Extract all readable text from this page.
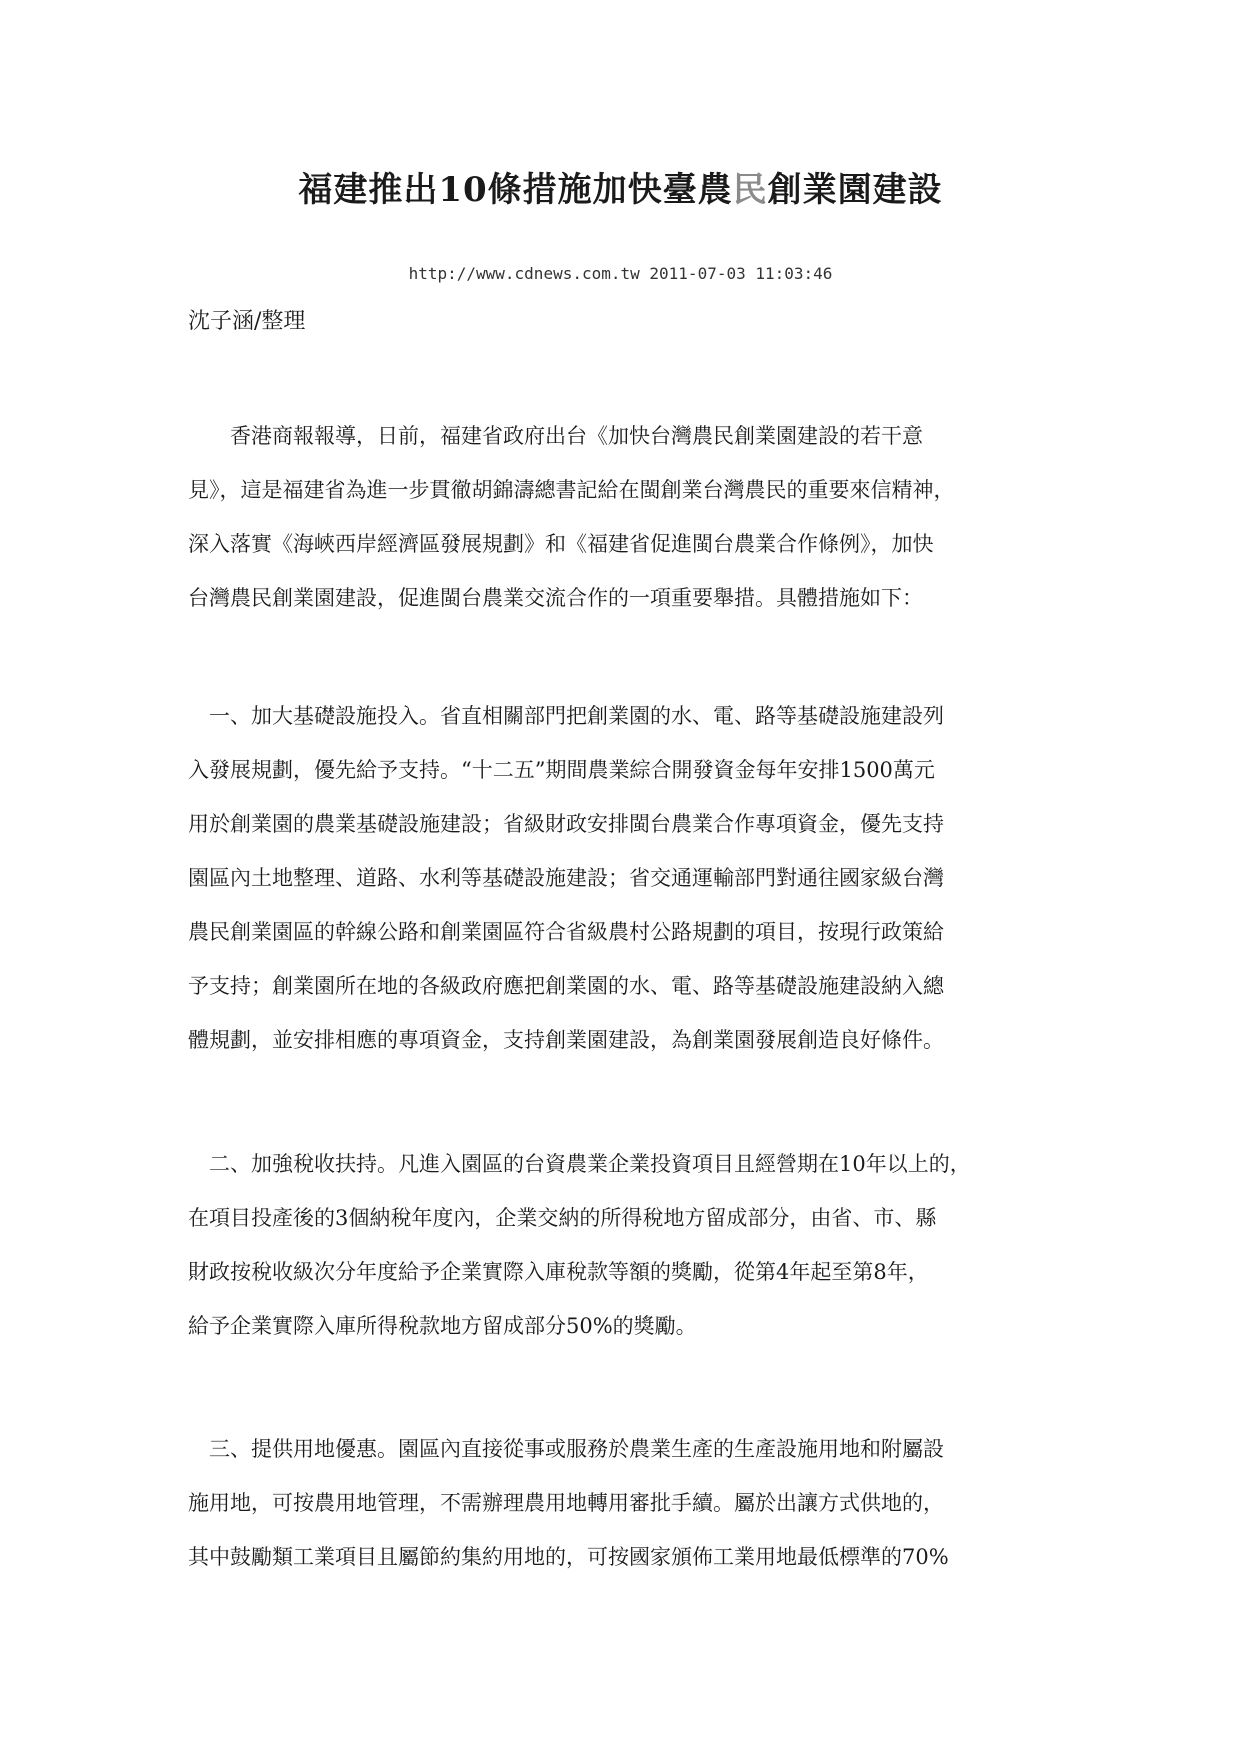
福建推出10條措施加快臺農民創業園建設
http://www.cdnews.com.tw 2011-07-03 11:03:46
沈子涵/整理
　　香港商報報導，日前，福建省政府出台《加快台灣農民創業園建設的若干意
見》，這是福建省為進一步貫徹胡錦濤總書記給在閩創業台灣農民的重要來信精神，
深入落實《海峽西岸經濟區發展規劃》和《福建省促進閩台農業合作條例》，加快
台灣農民創業園建設，促進閩台農業交流合作的一項重要舉措。具體措施如下：
　一、加大基礎設施投入。省直相關部門把創業園的水、電、路等基礎設施建設列
入發展規劃，優先給予支持。“十二五”期間農業綜合開發資金每年安排1500萬元
用於創業園的農業基礎設施建設；省級財政安排閩台農業合作專項資金，優先支持
園區內土地整理、道路、水利等基礎設施建設；省交通運輸部門對通往國家級台灣
農民創業園區的幹線公路和創業園區符合省級農村公路規劃的項目，按現行政策給
予支持；創業園所在地的各級政府應把創業園的水、電、路等基礎設施建設納入總
體規劃，並安排相應的專項資金，支持創業園建設，為創業園發展創造良好條件。
　二、加強稅收扶持。凡進入園區的台資農業企業投資項目且經營期在10年以上的，
在項目投產後的3個納稅年度內，企業交納的所得稅地方留成部分，由省、市、縣
財政按稅收級次分年度給予企業實際入庫稅款等額的獎勵，從第4年起至第8年，
給予企業實際入庫所得稅款地方留成部分50%的獎勵。
　三、提供用地優惠。園區內直接從事或服務於農業生產的生產設施用地和附屬設
施用地，可按農用地管理，不需辦理農用地轉用審批手續。屬於出讓方式供地的，
其中鼓勵類工業項目且屬節約集約用地的，可按國家頒佈工業用地最低標準的70%
